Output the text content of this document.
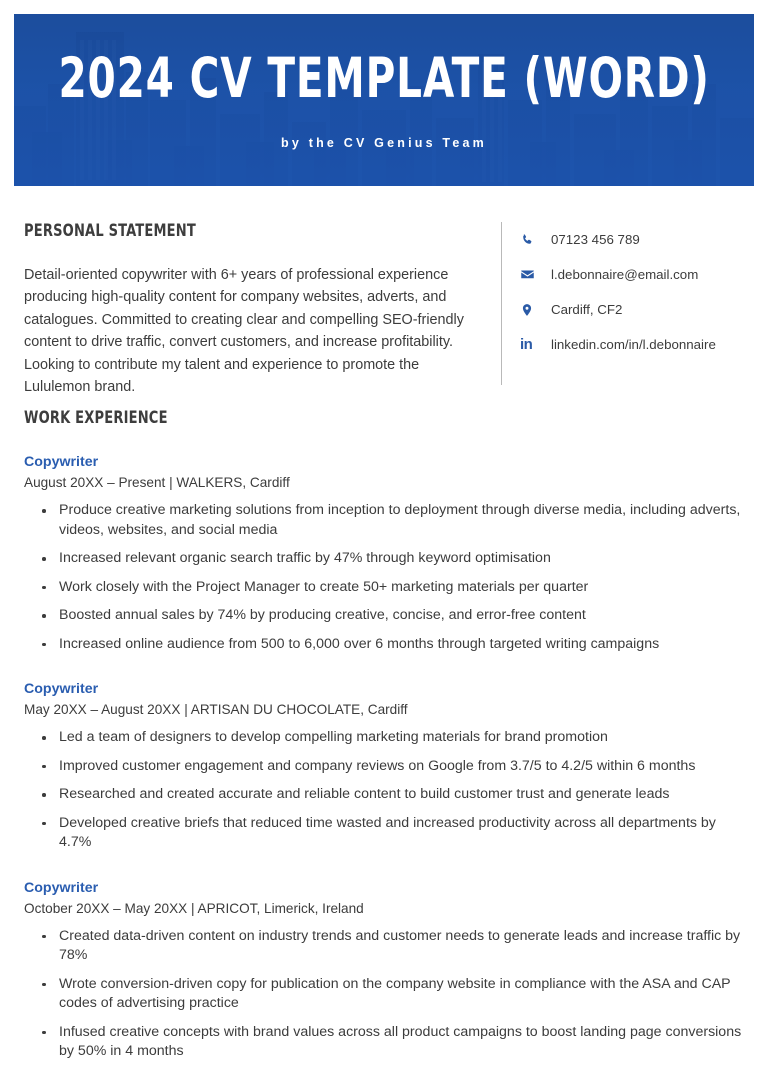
2024 CV TEMPLATE (WORD)
by the CV Genius Team
PERSONAL STATEMENT
Detail-oriented copywriter with 6+ years of professional experience producing high-quality content for company websites, adverts, and catalogues. Committed to creating clear and compelling SEO-friendly content to drive traffic, convert customers, and increase profitability. Looking to contribute my talent and experience to promote the Lululemon brand.
07123 456 789
l.debonnaire@email.com
Cardiff, CF2
in linkedin.com/in/l.debonnaire
WORK EXPERIENCE
Copywriter
August 20XX – Present | WALKERS, Cardiff
Produce creative marketing solutions from inception to deployment through diverse media, including adverts, videos, websites, and social media
Increased relevant organic search traffic by 47% through keyword optimisation
Work closely with the Project Manager to create 50+ marketing materials per quarter
Boosted annual sales by 74% by producing creative, concise, and error-free content
Increased online audience from 500 to 6,000 over 6 months through targeted writing campaigns
Copywriter
May 20XX – August 20XX | ARTISAN DU CHOCOLATE, Cardiff
Led a team of designers to develop compelling marketing materials for brand promotion
Improved customer engagement and company reviews on Google from 3.7/5 to 4.2/5 within 6 months
Researched and created accurate and reliable content to build customer trust and generate leads
Developed creative briefs that reduced time wasted and increased productivity across all departments by 4.7%
Copywriter
October 20XX – May 20XX | APRICOT, Limerick, Ireland
Created data-driven content on industry trends and customer needs to generate leads and increase traffic by 78%
Wrote conversion-driven copy for publication on the company website in compliance with the ASA and CAP codes of advertising practice
Infused creative concepts with brand values across all product campaigns to boost landing page conversions by 50% in 4 months
